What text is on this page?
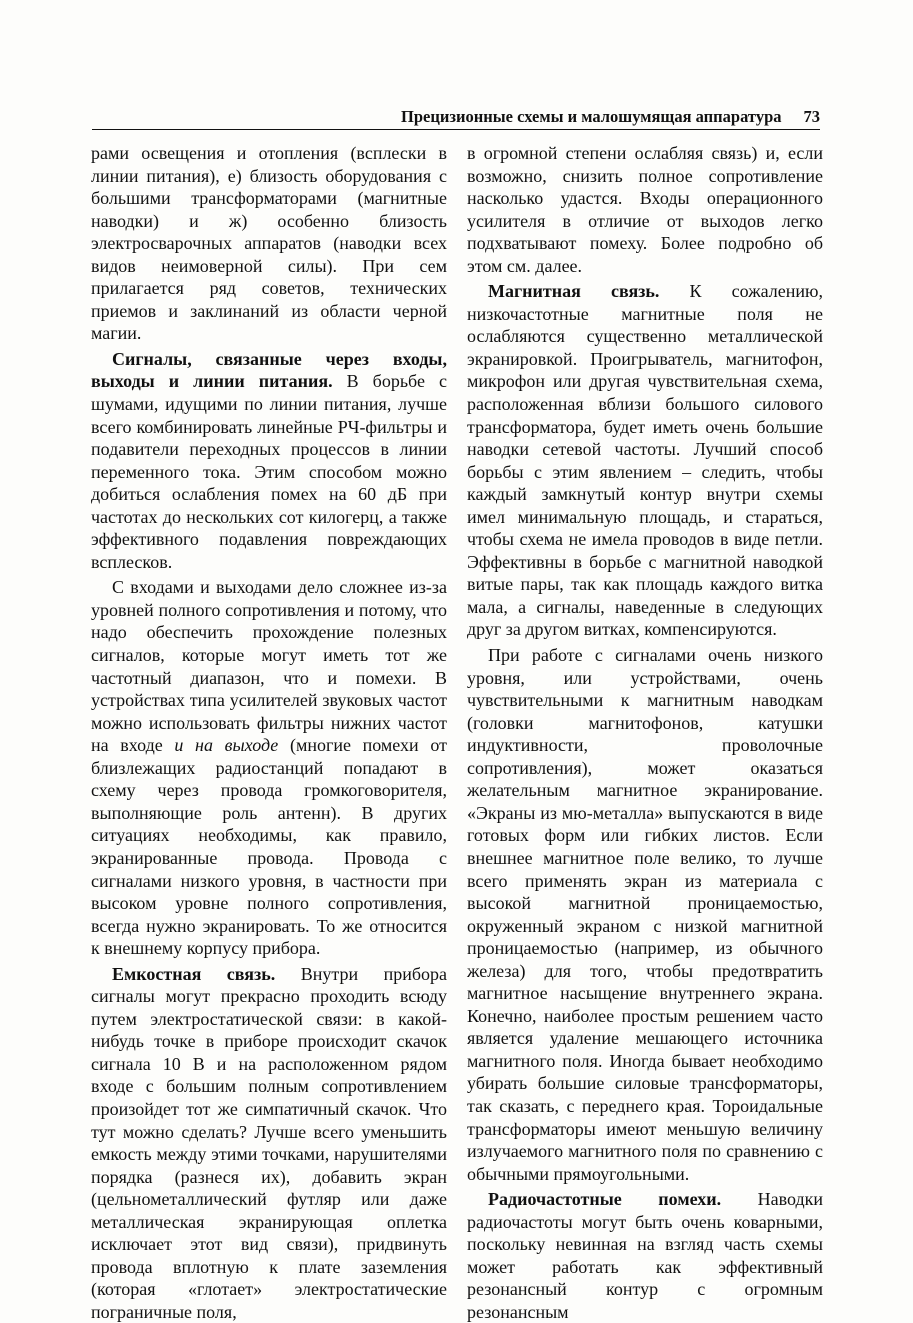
Прецизионные схемы и малошумящая аппаратура 73

рами освещения и отопления (всплески в линии питания), е) близость оборудования с большими трансформаторами (магнитные наводки) и ж) особенно близость электросварочных аппаратов (наводки всех видов неимоверной силы). При сем прилагается ряд советов, технических приемов и заклинаний из области черной магии.

Сигналы, связанные через входы, выходы и линии питания. В борьбе с шумами, идущими по линии питания, лучше всего комбинировать линейные РЧ-фильтры и подавители переходных процессов в линии переменного тока. Этим способом можно добиться ослабления помех на 60 дБ при частотах до нескольких сот килогерц, а также эффективного подавления повреждающих всплесков.

С входами и выходами дело сложнее из-за уровней полного сопротивления и потому, что надо обеспечить прохождение полезных сигналов, которые могут иметь тот же частотный диапазон, что и помехи. В устройствах типа усилителей звуковых частот можно использовать фильтры нижних частот на входе и на выходе (многие помехи от близлежащих радиостанций попадают в схему через провода громкоговорителя, выполняющие роль антенн). В других ситуациях необходимы, как правило, экранированные провода. Провода с сигналами низкого уровня, в частности при высоком уровне полного сопротивления, всегда нужно экранировать. То же относится к внешнему корпусу прибора.

Емкостная связь. Внутри прибора сигналы могут прекрасно проходить всюду путем электростатической связи: в какой-нибудь точке в приборе происходит скачок сигнала 10 В и на расположенном рядом входе с большим полным сопротивлением произойдет тот же симпатичный скачок. Что тут можно сделать? Лучше всего уменьшить емкость между этими точками, нарушителями порядка (разнеся их), добавить экран (цельнометаллический футляр или даже металлическая экранирующая оплетка исключает этот вид связи), придвинуть провода вплотную к плате заземления (которая «глотает» электростатические пограничные поля,

в огромной степени ослабляя связь) и, если возможно, снизить полное сопротивление насколько удастся. Входы операционного усилителя в отличие от выходов легко подхватывают помеху. Более подробно об этом см. далее.

Магнитная связь. К сожалению, низкочастотные магнитные поля не ослабляются существенно металлической экранировкой. Проигрыватель, магнитофон, микрофон или другая чувствительная схема, расположенная вблизи большого силового трансформатора, будет иметь очень большие наводки сетевой частоты. Лучший способ борьбы с этим явлением – следить, чтобы каждый замкнутый контур внутри схемы имел минимальную площадь, и стараться, чтобы схема не имела проводов в виде петли. Эффективны в борьбе с магнитной наводкой витые пары, так как площадь каждого витка мала, а сигналы, наведенные в следующих друг за другом витках, компенсируются.

При работе с сигналами очень низкого уровня, или устройствами, очень чувствительными к магнитным наводкам (головки магнитофонов, катушки индуктивности, проволочные сопротивления), может оказаться желательным магнитное экранирование. «Экраны из мю-металла» выпускаются в виде готовых форм или гибких листов. Если внешнее магнитное поле велико, то лучше всего применять экран из материала с высокой магнитной проницаемостью, окруженный экраном с низкой магнитной проницаемостью (например, из обычного железа) для того, чтобы предотвратить магнитное насыщение внутреннего экрана. Конечно, наиболее простым решением часто является удаление мешающего источника магнитного поля. Иногда бывает необходимо убирать большие силовые трансформаторы, так сказать, с переднего края. Тороидальные трансформаторы имеют меньшую величину излучаемого магнитного поля по сравнению с обычными прямоугольными.

Радиочастотные помехи. Наводки радиочастоты могут быть очень коварными, поскольку невинная на взгляд часть схемы может работать как эффективный резонансный контур с огромным резонансным
